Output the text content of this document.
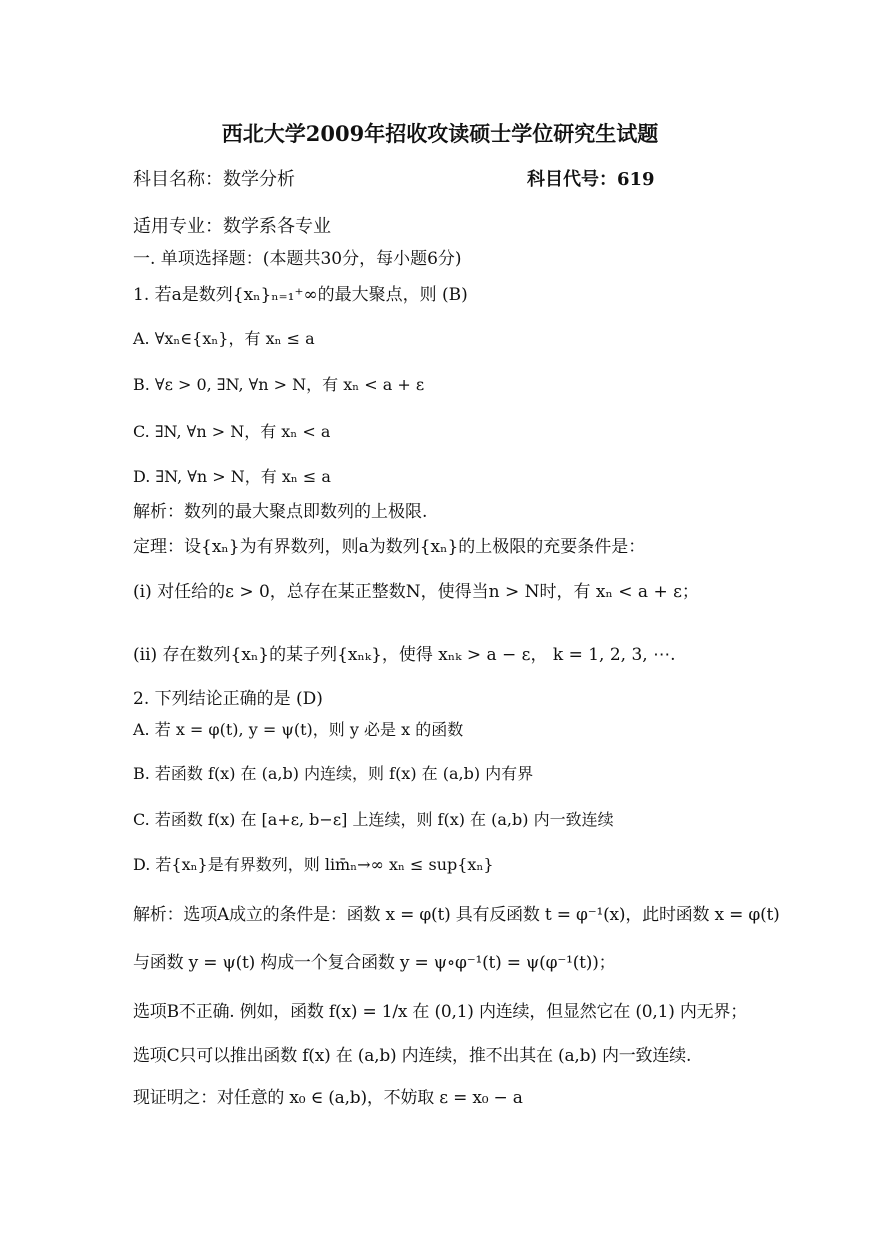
西北大学2009年招收攻读硕士学位研究生试题
科目名称：数学分析	科目代号：619
适用专业：数学系各专业
一. 单项选择题：(本题共30分，每小题6分)
1. 若a是数列{xₙ}ₙ₌₁⁺∞的最大聚点，则 (B)
A. ∀xₙ∈{xₙ}，有 xₙ ≤ a
B. ∀ε > 0, ∃N, ∀n > N，有 xₙ < a + ε
C. ∃N, ∀n > N，有 xₙ < a
D. ∃N, ∀n > N，有 xₙ ≤ a
解析：数列的最大聚点即数列的上极限.
定理：设{xₙ}为有界数列，则a为数列{xₙ}的上极限的充要条件是：
(i) 对任给的ε > 0，总存在某正整数N，使得当n > N时，有 xₙ < a + ε；
(ii) 存在数列{xₙ}的某子列{xₙₖ}，使得 xₙₖ > a − ε， k = 1, 2, 3, ⋯.
2. 下列结论正确的是 (D)
A. 若 x = φ(t), y = ψ(t)，则 y 必是 x 的函数
B. 若函数 f(x) 在 (a,b) 内连续，则 f(x) 在 (a,b) 内有界
C. 若函数 f(x) 在 [a+ε, b−ε] 上连续，则 f(x) 在 (a,b) 内一致连续
D. 若{xₙ}是有界数列，则 lim̄ₙ→∞ xₙ ≤ sup{xₙ}
解析：选项A成立的条件是：函数 x = φ(t) 具有反函数 t = φ⁻¹(x)，此时函数 x = φ(t)
与函数 y = ψ(t) 构成一个复合函数 y = ψ∘φ⁻¹(t) = ψ(φ⁻¹(t))；
选项B不正确. 例如，函数 f(x) = 1/x 在 (0,1) 内连续，但显然它在 (0,1) 内无界；
选项C只可以推出函数 f(x) 在 (a,b) 内连续，推不出其在 (a,b) 内一致连续.
现证明之：对任意的 x₀ ∈ (a,b)，不妨取 ε = x₀ − a
